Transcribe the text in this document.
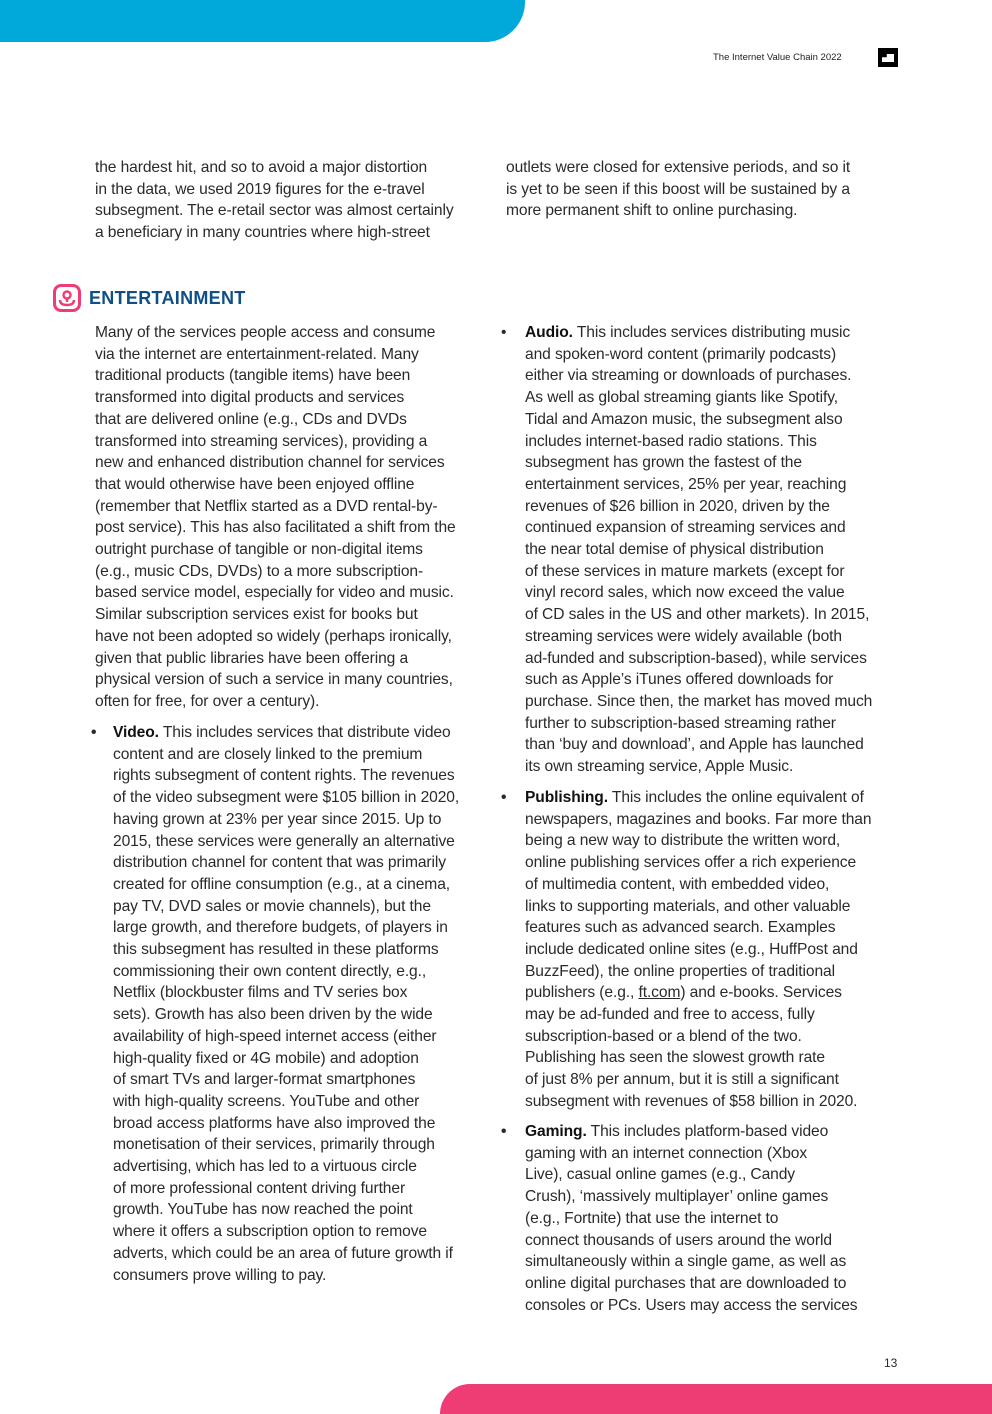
The Internet Value Chain 2022
the hardest hit, and so to avoid a major distortion
in the data, we used 2019 figures for the e-travel
subsegment. The e-retail sector was almost certainly
a beneficiary in many countries where high-street
outlets were closed for extensive periods, and so it
is yet to be seen if this boost will be sustained by a
more permanent shift to online purchasing.
ENTERTAINMENT
Many of the services people access and consume
via the internet are entertainment-related. Many
traditional products (tangible items) have been
transformed into digital products and services
that are delivered online (e.g., CDs and DVDs
transformed into streaming services), providing a
new and enhanced distribution channel for services
that would otherwise have been enjoyed offline
(remember that Netflix started as a DVD rental-by-
post service). This has also facilitated a shift from the
outright purchase of tangible or non-digital items
(e.g., music CDs, DVDs) to a more subscription-
based service model, especially for video and music.
Similar subscription services exist for books but
have not been adopted so widely (perhaps ironically,
given that public libraries have been offering a
physical version of such a service in many countries,
often for free, for over a century).
• Video. This includes services that distribute video
content and are closely linked to the premium
rights subsegment of content rights. The revenues
of the video subsegment were $105 billion in 2020,
having grown at 23% per year since 2015. Up to
2015, these services were generally an alternative
distribution channel for content that was primarily
created for offline consumption (e.g., at a cinema,
pay TV, DVD sales or movie channels), but the
large growth, and therefore budgets, of players in
this subsegment has resulted in these platforms
commissioning their own content directly, e.g.,
Netflix (blockbuster films and TV series box
sets). Growth has also been driven by the wide
availability of high-speed internet access (either
high-quality fixed or 4G mobile) and adoption
of smart TVs and larger-format smartphones
with high-quality screens. YouTube and other
broad access platforms have also improved the
monetisation of their services, primarily through
advertising, which has led to a virtuous circle
of more professional content driving further
growth. YouTube has now reached the point
where it offers a subscription option to remove
adverts, which could be an area of future growth if
consumers prove willing to pay.
• Audio. This includes services distributing music
and spoken-word content (primarily podcasts)
either via streaming or downloads of purchases.
As well as global streaming giants like Spotify,
Tidal and Amazon music, the subsegment also
includes internet-based radio stations. This
subsegment has grown the fastest of the
entertainment services, 25% per year, reaching
revenues of $26 billion in 2020, driven by the
continued expansion of streaming services and
the near total demise of physical distribution
of these services in mature markets (except for
vinyl record sales, which now exceed the value
of CD sales in the US and other markets). In 2015,
streaming services were widely available (both
ad-funded and subscription-based), while services
such as Apple’s iTunes offered downloads for
purchase. Since then, the market has moved much
further to subscription-based streaming rather
than ‘buy and download’, and Apple has launched
its own streaming service, Apple Music.
• Publishing. This includes the online equivalent of
newspapers, magazines and books. Far more than
being a new way to distribute the written word,
online publishing services offer a rich experience
of multimedia content, with embedded video,
links to supporting materials, and other valuable
features such as advanced search. Examples
include dedicated online sites (e.g., HuffPost and
BuzzFeed), the online properties of traditional
publishers (e.g., ft.com) and e-books. Services
may be ad-funded and free to access, fully
subscription-based or a blend of the two.
Publishing has seen the slowest growth rate
of just 8% per annum, but it is still a significant
subsegment with revenues of $58 billion in 2020.
• Gaming. This includes platform-based video
gaming with an internet connection (Xbox
Live), casual online games (e.g., Candy
Crush), ‘massively multiplayer’ online games
(e.g., Fortnite) that use the internet to
connect thousands of users around the world
simultaneously within a single game, as well as
online digital purchases that are downloaded to
consoles or PCs. Users may access the services
13
